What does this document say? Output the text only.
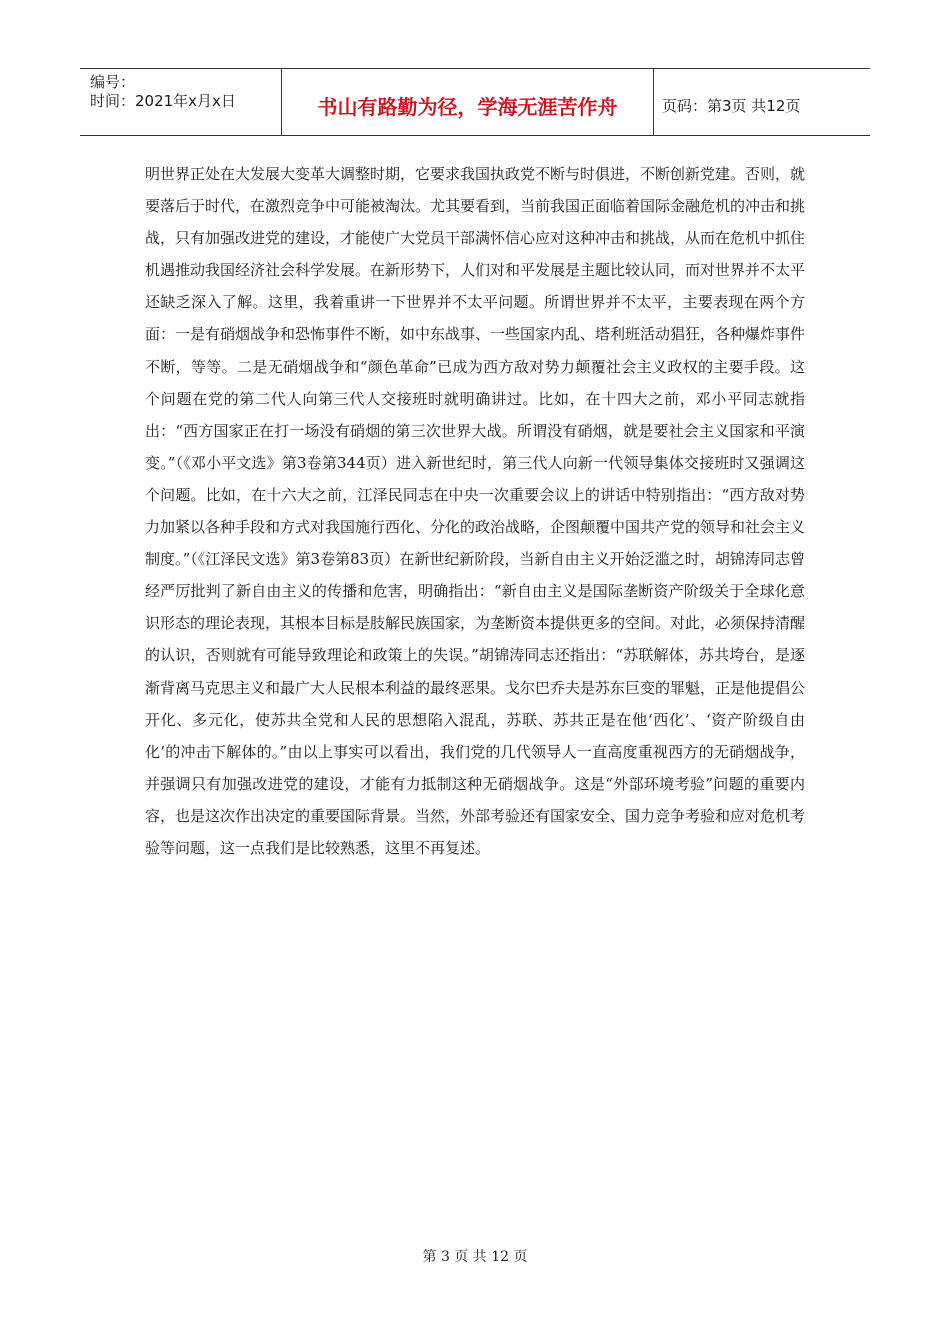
编号：
时间：2021年x月x日	书山有路勤为径，学海无涯苦作舟	页码：第3页 共12页
明世界正处在大发展大变革大调整时期，它要求我国执政党不断与时俱进，不断创新党建。否则，就要落后于时代，在激烈竞争中可能被淘汰。尤其要看到，当前我国正面临着国际金融危机的冲击和挑战，只有加强改进党的建设，才能使广大党员干部满怀信心应对这种冲击和挑战，从而在危机中抓住机遇推动我国经济社会科学发展。在新形势下，人们对和平发展是主题比较认同，而对世界并不太平还缺乏深入了解。这里，我着重讲一下世界并不太平问题。所谓世界并不太平，主要表现在两个方面：一是有硝烟战争和恐怖事件不断，如中东战事、一些国家内乱、塔利班活动猖狂，各种爆炸事件不断，等等。二是无硝烟战争和“颜色革命”已成为西方敌对势力颠覆社会主义政权的主要手段。这个问题在党的第二代人向第三代人交接班时就明确讲过。比如，在十四大之前，邓小平同志就指出：“西方国家正在打一场没有硝烟的第三次世界大战。所谓没有硝烟，就是要社会主义国家和平演变。”（《邓小平文选》第3卷第344页）进入新世纪时，第三代人向新一代领导集体交接班时又强调这个问题。比如，在十六大之前，江泽民同志在中央一次重要会议上的讲话中特别指出：“西方敌对势力加紧以各种手段和方式对我国施行西化、分化的政治战略，企图颠覆中国共产党的领导和社会主义制度。”（《江泽民文选》第3卷第83页）在新世纪新阶段，当新自由主义开始泛滥之时，胡锦涛同志曾经严厉批判了新自由主义的传播和危害，明确指出：“新自由主义是国际垄断资产阶级关于全球化意识形态的理论表现，其根本目标是肢解民族国家，为垄断资本提供更多的空间。对此，必须保持清醒的认识，否则就有可能导致理论和政策上的失误。”胡锦涛同志还指出：“苏联解体，苏共垮台，是逐渐背离马克思主义和最广大人民根本利益的最终恶果。戈尔巴乔夫是苏东巨变的罪魁，正是他提倡公开化、多元化，使苏共全党和人民的思想陷入混乱，苏联、苏共正是在他‘西化’、‘资产阶级自由化’的冲击下解体的。”由以上事实可以看出，我们党的几代领导人一直高度重视西方的无硝烟战争，并强调只有加强改进党的建设，才能有力抵制这种无硝烟战争。这是“外部环境考验”问题的重要内容，也是这次作出决定的重要国际背景。当然，外部考验还有国家安全、国力竞争考验和应对危机考验等问题，这一点我们是比较熟悉，这里不再复述。
第 3 页 共 12 页
